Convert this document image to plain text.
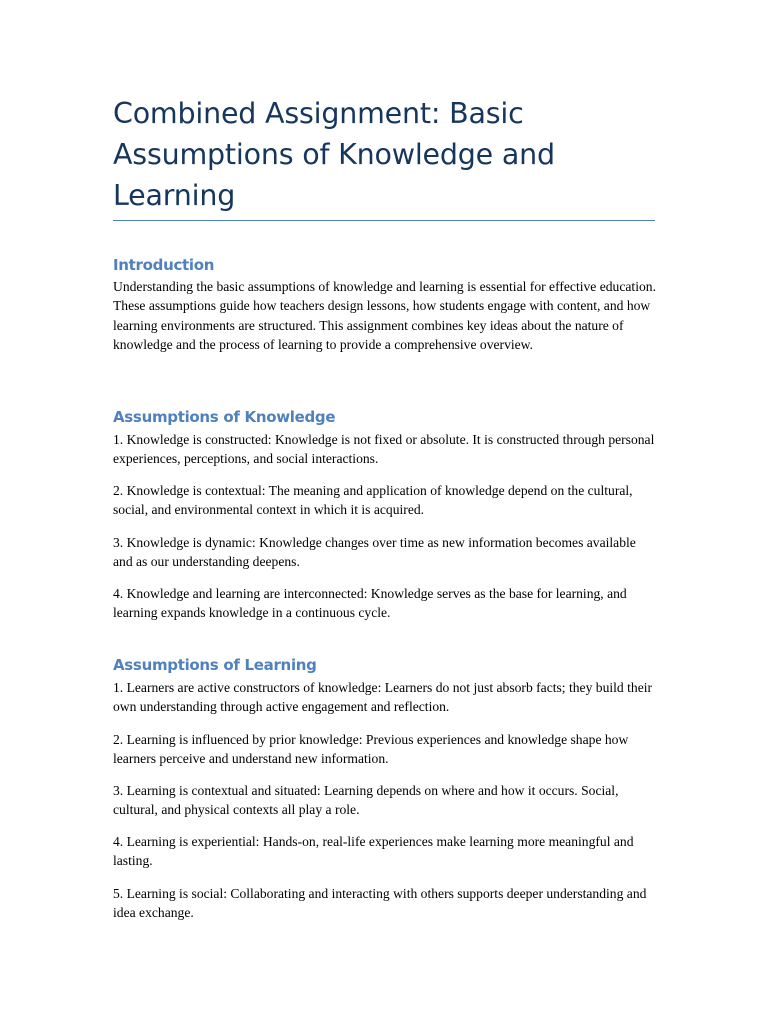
Combined Assignment: Basic Assumptions of Knowledge and Learning
Introduction

Understanding the basic assumptions of knowledge and learning is essential for effective education. These assumptions guide how teachers design lessons, how students engage with content, and how learning environments are structured. This assignment combines key ideas about the nature of knowledge and the process of learning to provide a comprehensive overview.

Assumptions of Knowledge

1. Knowledge is constructed: Knowledge is not fixed or absolute. It is constructed through personal experiences, perceptions, and social interactions.

2. Knowledge is contextual: The meaning and application of knowledge depend on the cultural, social, and environmental context in which it is acquired.

3. Knowledge is dynamic: Knowledge changes over time as new information becomes available and as our understanding deepens.

4. Knowledge and learning are interconnected: Knowledge serves as the base for learning, and learning expands knowledge in a continuous cycle.

Assumptions of Learning

1. Learners are active constructors of knowledge: Learners do not just absorb facts; they build their own understanding through active engagement and reflection.

2. Learning is influenced by prior knowledge: Previous experiences and knowledge shape how learners perceive and understand new information.

3. Learning is contextual and situated: Learning depends on where and how it occurs. Social, cultural, and physical contexts all play a role.

4. Learning is experiential: Hands-on, real-life experiences make learning more meaningful and lasting.

5. Learning is social: Collaborating and interacting with others supports deeper understanding and idea exchange.
